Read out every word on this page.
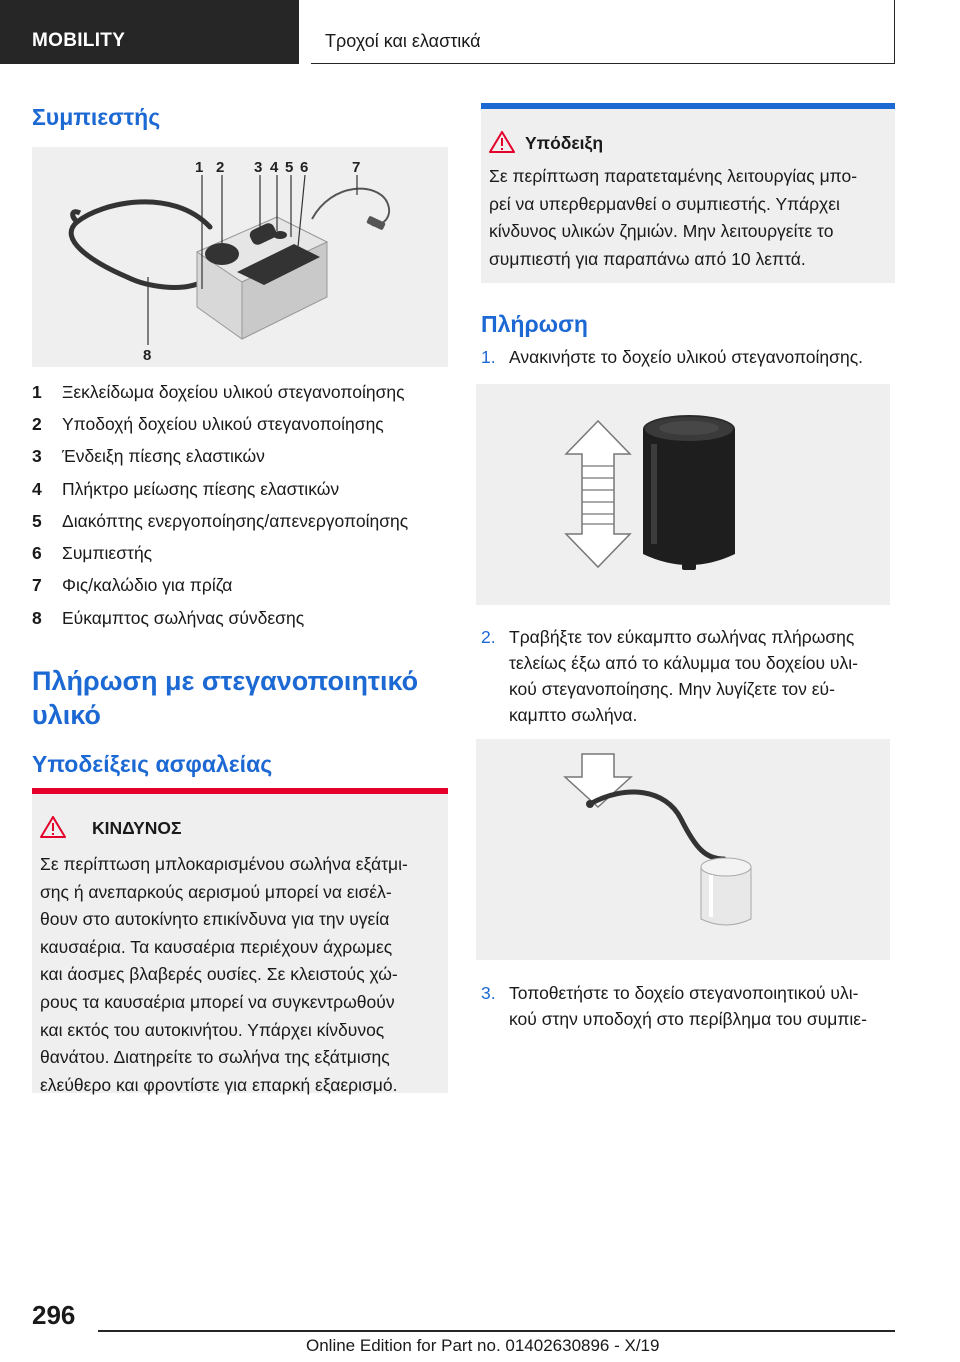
MOBILITY	Τροχοί και ελαστικά
Συμπιεστής
1 2 3 4 5 6	7
8
1	Ξεκλείδωμα δοχείου υλικού στεγανοποίησης
2	Υποδοχή δοχείου υλικού στεγανοποίησης
3	Ένδειξη πίεσης ελαστικών
4	Πλήκτρο μείωσης πίεσης ελαστικών
5	Διακόπτης ενεργοποίησης/απενεργοποίησης
6	Συμπιεστής
7	Φις/καλώδιο για πρίζα
8	Εύκαμπτος σωλήνας σύνδεσης
Πλήρωση με στεγανοποιητικό
υλικό
Υποδείξεις ασφαλείας
ΚΙΝΔΥΝΟΣ
Σε περίπτωση μπλοκαρισμένου σωλήνα εξάτμι-
σης ή ανεπαρκούς αερισμού μπορεί να εισέλ-
θουν στο αυτοκίνητο επικίνδυνα για την υγεία
καυσαέρια. Τα καυσαέρια περιέχουν άχρωμες
και άοσμες βλαβερές ουσίες. Σε κλειστούς χώ-
ρους τα καυσαέρια μπορεί να συγκεντρωθούν
και εκτός του αυτοκινήτου. Υπάρχει κίνδυνος
θανάτου. Διατηρείτε το σωλήνα της εξάτμισης
ελεύθερο και φροντίστε για επαρκή εξαερισμό.
Υπόδειξη
Σε περίπτωση παρατεταμένης λειτουργίας μπο-
ρεί να υπερθερμανθεί ο συμπιεστής. Υπάρχει
κίνδυνος υλικών ζημιών. Μην λειτουργείτε το
συμπιεστή για παραπάνω από 10 λεπτά.
Πλήρωση
1. Ανακινήστε το δοχείο υλικού στεγανοποίησης.
2. Τραβήξτε τον εύκαμπτο σωλήνας πλήρωσης
τελείως έξω από το κάλυμμα του δοχείου υλι-
κού στεγανοποίησης. Μην λυγίζετε τον εύ-
καμπτο σωλήνα.
3. Τοποθετήστε το δοχείο στεγανοποιητικού υλι-
κού στην υποδοχή στο περίβλημα του συμπιε-
296
Online Edition for Part no. 01402630896 - X/19
